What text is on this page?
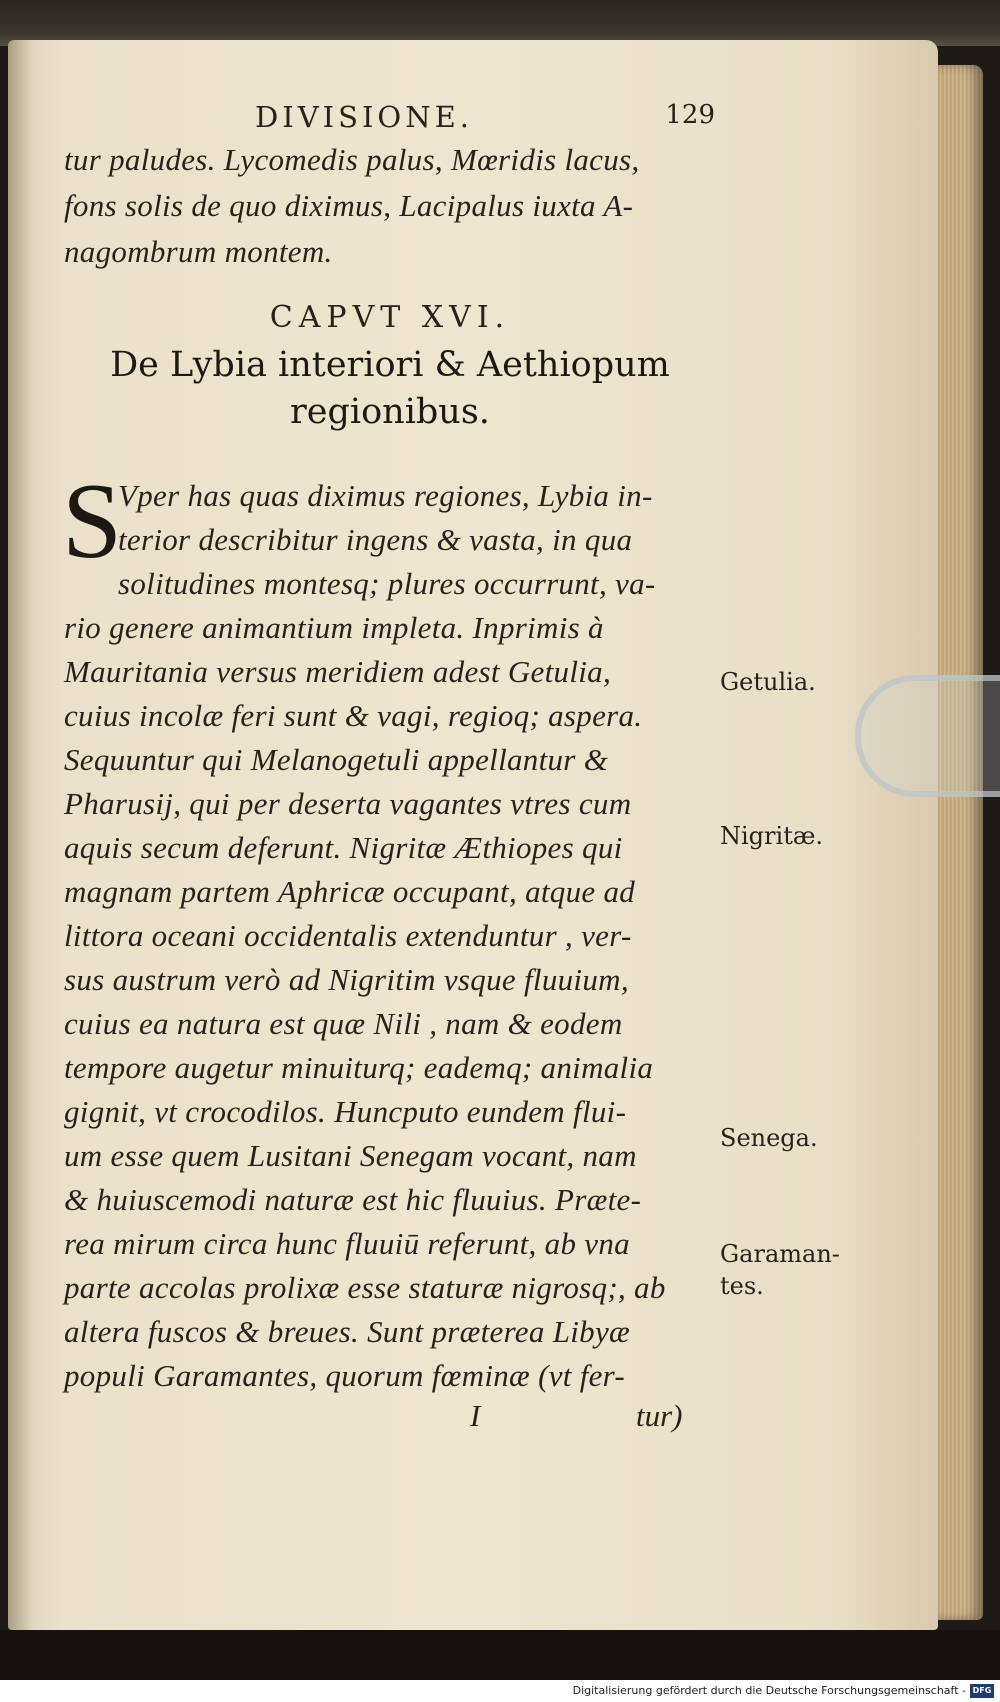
DIVISIONE.	129
tur paludes. Lycomedis palus, Mœridis lacus,
fons solis de quo diximus, Lacipalus iuxta A-
nagombrum montem.
CAPVT XVI.
De Lybia interiori & Aethiopum
regionibus.
S
Vper has quas diximus regiones, Lybia in-
terior describitur ingens & vasta, in qua
solitudines montesq; plures occurrunt, va-
rio genere animantium impleta. Inprimis à
Mauritania versus meridiem adest Getulia,
cuius incolæ feri sunt & vagi, regioq; aspera.
Sequuntur qui Melanogetuli appellantur &
Pharusij, qui per deserta vagantes vtres cum
aquis secum deferunt. Nigritæ Æthiopes qui
magnam partem Aphricæ occupant, atque ad
littora oceani occidentalis extenduntur , ver-
sus austrum verò ad Nigritim vsque fluuium,
cuius ea natura est quæ Nili , nam & eodem
tempore augetur minuiturq; eademq; animalia
gignit, vt crocodilos. Huncputo eundem flui-
um esse quem Lusitani Senegam vocant, nam
& huiuscemodi naturæ est hic fluuius. Præte-
rea mirum circa hunc fluuiū referunt, ab vna
parte accolas prolixæ esse staturæ nigrosq;, ab
altera fuscos & breues. Sunt præterea Libyæ
populi Garamantes, quorum fœminæ (vt fer-
I	tur)
Getulia.
Nigritæ.
Senega.
Garaman-
tes.
Digitalisierung gefördert durch die Deutsche Forschungsgemeinschaft - DFG
